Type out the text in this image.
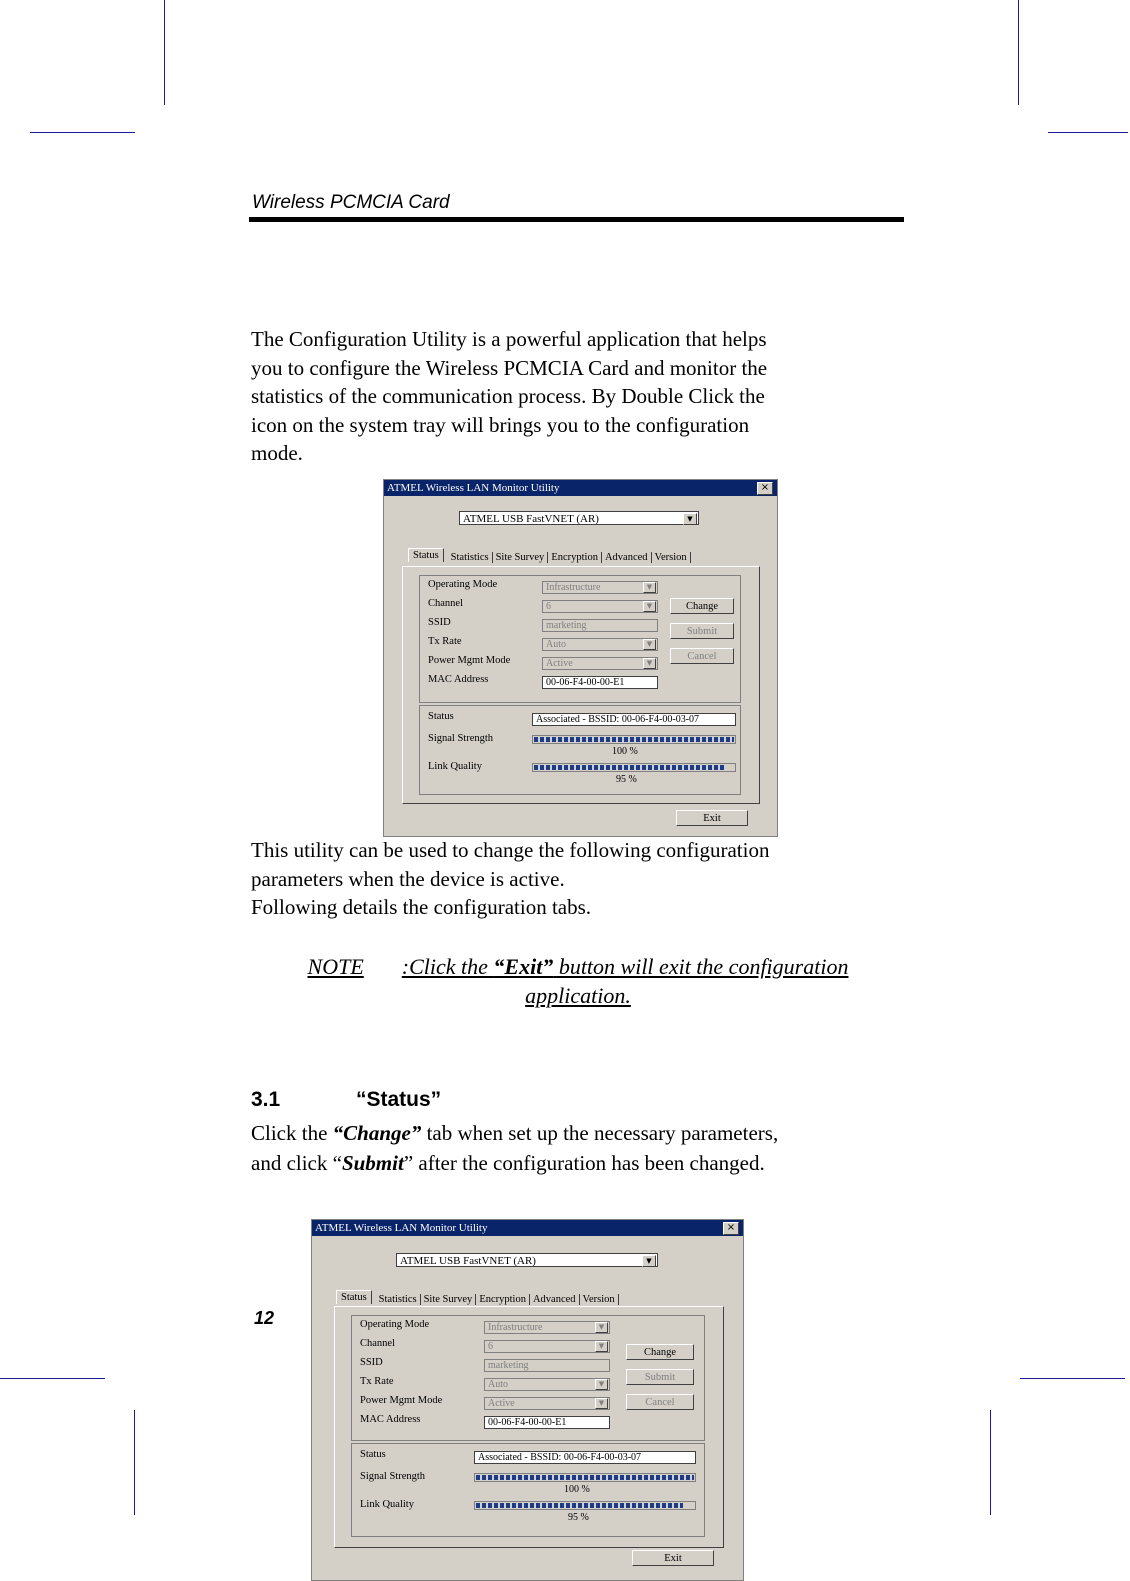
Wireless PCMCIA Card

The Configuration Utility is a powerful application that helps
you to configure the Wireless PCMCIA Card and monitor the
statistics of the communication process. By Double Click the
icon on the system tray will brings you to the configuration
mode.

ATMEL Wireless LAN Monitor Utility	×
ATMEL USB FastVNET (AR)	▼
Status Statistics Site Survey Encryption Advanced Version
Operating Mode	Infrastructure	▼
Channel	6	▼
SSID	marketing
Tx Rate	Auto	▼
Power Mgmt Mode	Active	▼
MAC Address	00-06-F4-00-00-E1
Change
Submit
Cancel
Status	Associated - BSSID: 00-06-F4-00-03-07
Signal Strength
100 %
Link Quality
95 %
Exit

This utility can be used to change the following configuration
parameters when the device is active.
Following details the configuration tabs.

NOTE :Click the “Exit” button will exit the configuration
application.
3.1	“Status”

Click the “Change” tab when set up the necessary parameters,
and click “Submit” after the configuration has been changed.

12
ATMEL Wireless LAN Monitor Utility	×
ATMEL USB FastVNET (AR)	▼
Status Statistics Site Survey Encryption Advanced Version
Operating Mode	Infrastructure	▼
Channel	6	▼
SSID	marketing
Tx Rate	Auto	▼
Power Mgmt Mode	Active	▼
MAC Address	00-06-F4-00-00-E1
Change
Submit
Cancel
Status	Associated - BSSID: 00-06-F4-00-03-07
Signal Strength
100 %
Link Quality
95 %
Exit
